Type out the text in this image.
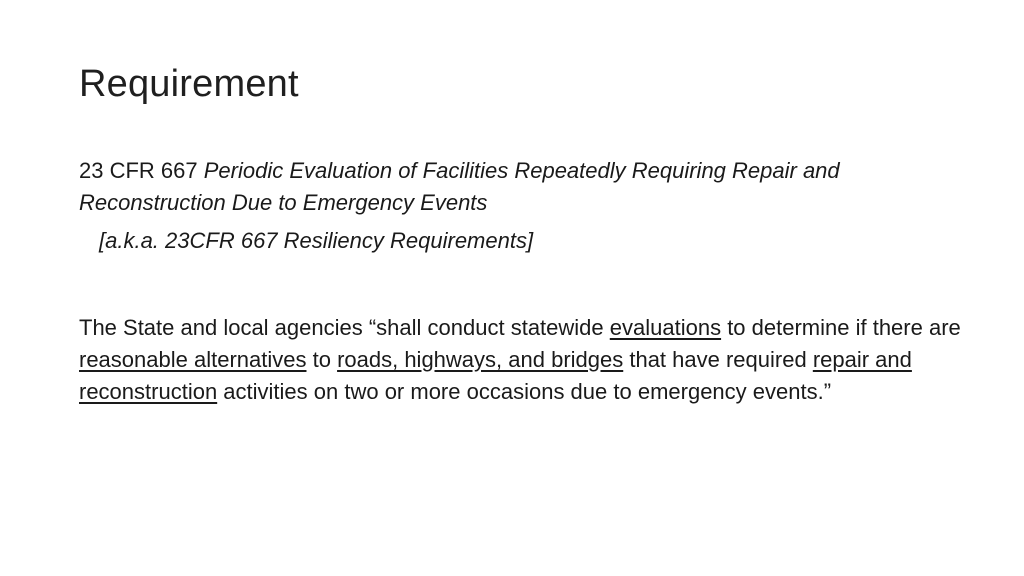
Requirement

23 CFR 667 Periodic Evaluation of Facilities Repeatedly Requiring Repair and Reconstruction Due to Emergency Events

[a.k.a. 23CFR 667 Resiliency Requirements]

The State and local agencies “shall conduct statewide evaluations to determine if there are reasonable alternatives to roads, highways, and bridges that have required repair and reconstruction activities on two or more occasions due to emergency events.”
